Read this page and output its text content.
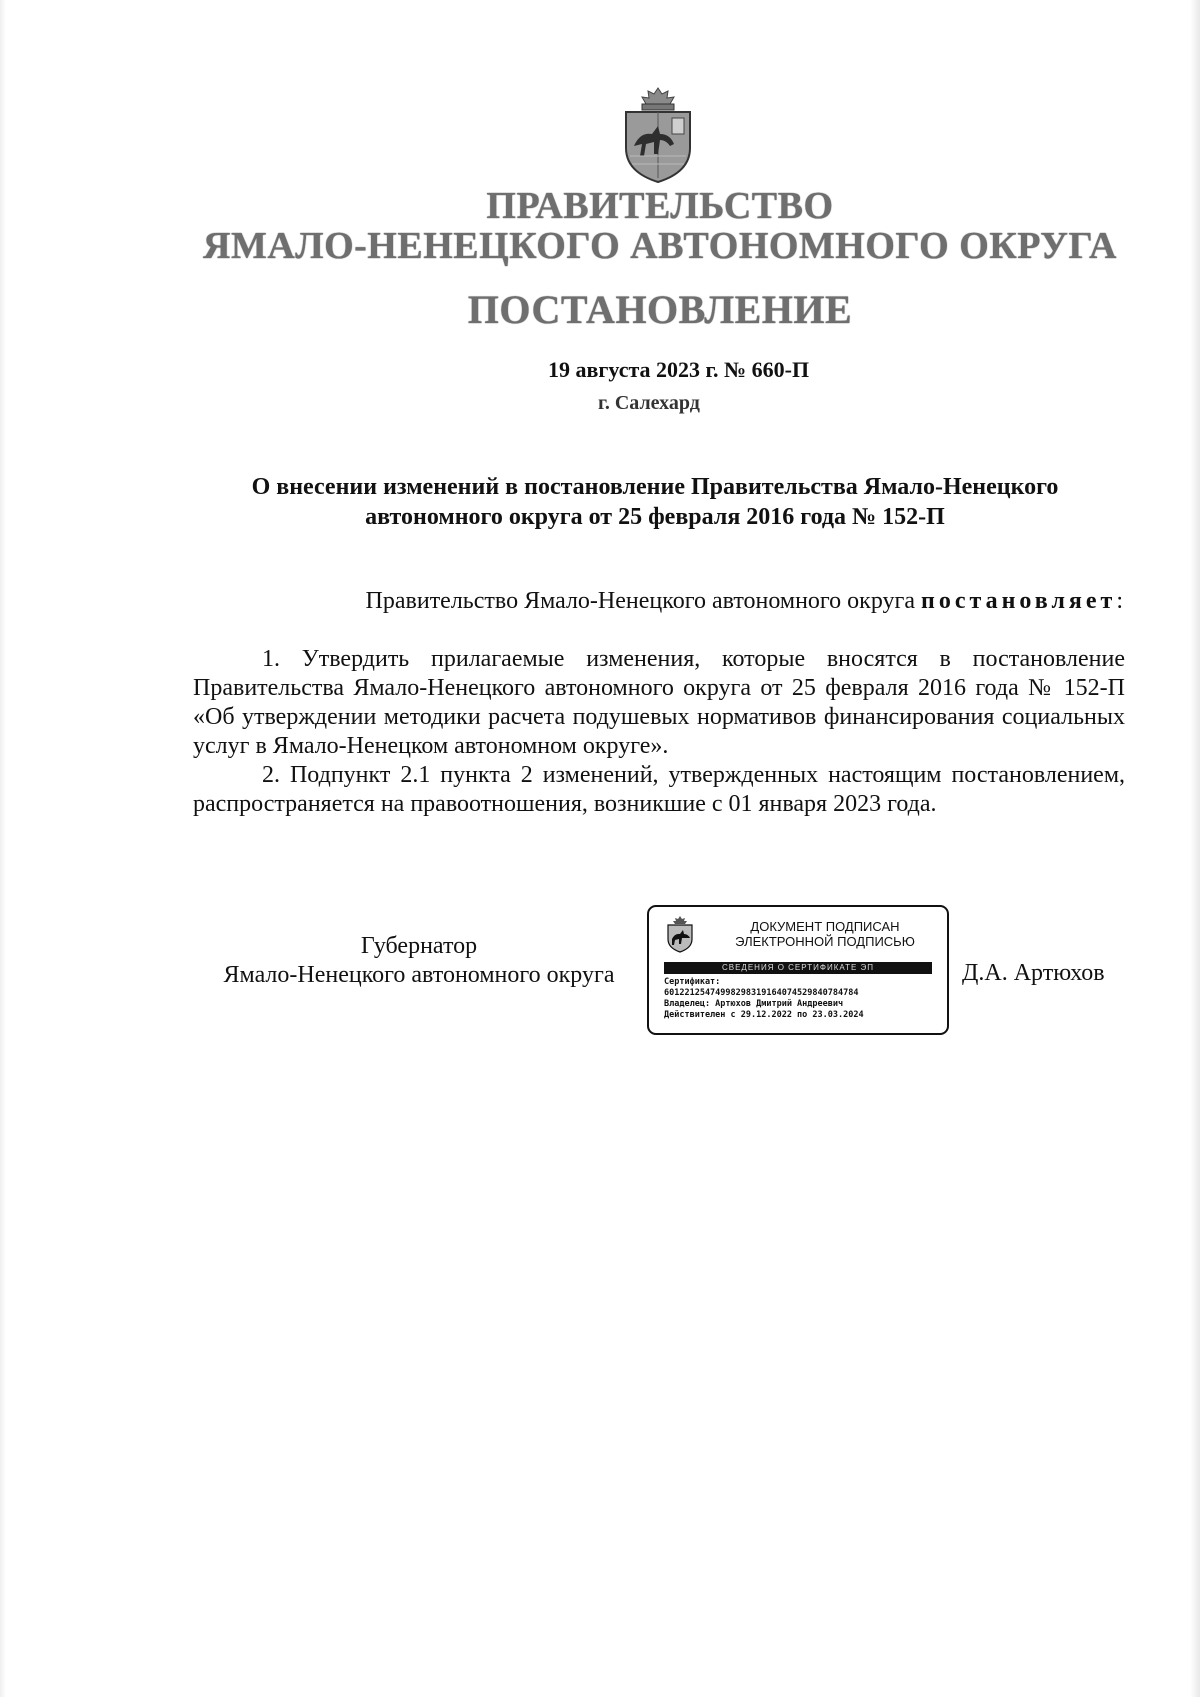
ПРАВИТЕЛЬСТВО
ЯМАЛО-НЕНЕЦКОГО АВТОНОМНОГО ОКРУГА
ПОСТАНОВЛЕНИЕ
19 августа 2023 г. № 660-П
г. Салехард
О внесении изменений в постановление Правительства Ямало-Ненецкого
автономного округа от 25 февраля 2016 года № 152-П
Правительство Ямало-Ненецкого автономного округа постановляет:

1. Утвердить прилагаемые изменения, которые вносятся в постановление Правительства Ямало-Ненецкого автономного округа от 25 февраля 2016 года № 152-П «Об утверждении методики расчета подушевых нормативов финансирования социальных услуг в Ямало-Ненецком автономном округе».

2. Подпункт 2.1 пункта 2 изменений, утвержденных настоящим постановлением, распространяется на правоотношения, возникшие с 01 января 2023 года.

Губернатор
Ямало-Ненецкого автономного округа
ДОКУМЕНТ ПОДПИСАН
ЭЛЕКТРОННОЙ ПОДПИСЬЮ
СВЕДЕНИЯ О СЕРТИФИКАТЕ ЭП
Сертификат:
60122125474998298319164074529840784784
Владелец: Артюхов Дмитрий Андреевич
Действителен с 29.12.2022 по 23.03.2024
Д.А. Артюхов
